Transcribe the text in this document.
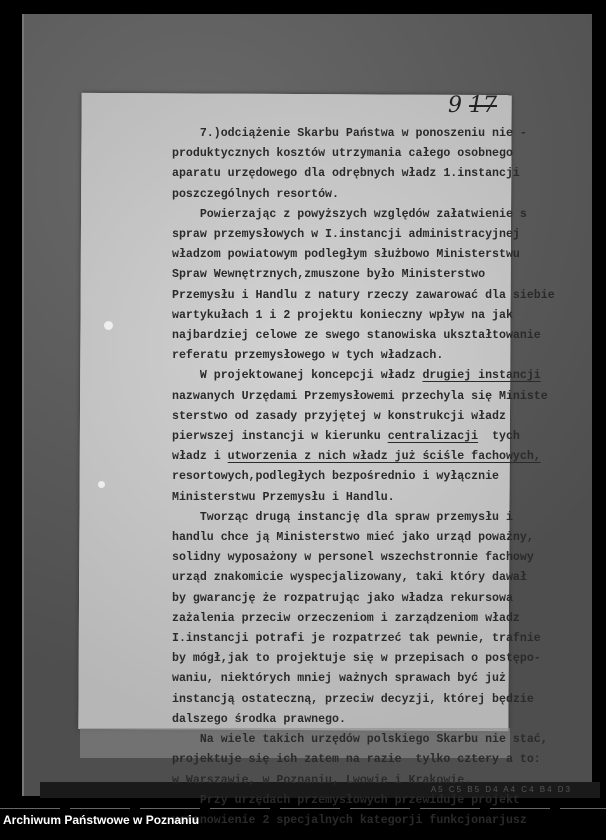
A5 C5 B5 D4 A4 C4 B4 D3
9 17
7.)odciążenie Skarbu Państwa w ponoszeniu nie -
produktycznych kosztów utrzymania całego osobnego
aparatu urzędowego dla odrębnych władz 1.instancji
poszczególnych resortów.
Powierzając z powyższych względów załatwienie s
spraw przemysłowych w I.instancji administracyjnej
władzom powiatowym podległym służbowo Ministerstwu
Spraw Wewnętrznych,zmuszone było Ministerstwo
Przemysłu i Handlu z natury rzeczy zawarować dla siebie
wartykułach 1 i 2 projektu konieczny wpływ na jak
najbardziej celowe ze swego stanowiska ukształtowanie
referatu przemysłowego w tych władzach.
W projektowanej koncepcji władz drugiej instancji
nazwanych Urzędami Przemysłowemi przechyla się Ministe
sterstwo od zasady przyjętej w konstrukcji władz
pierwszej instancji w kierunku centralizacji  tych
władz i utworzenia z nich władz już ściśle fachowych,
resortowych,podległych bezpośrednio i wyłącznie
Ministerstwu Przemysłu i Handlu.
Tworząc drugą instancję dla spraw przemysłu i
handlu chce ją Ministerstwo mieć jako urząd poważny,
solidny wyposażony w personel wszechstronnie fachowy
urząd znakomicie wyspecjalizowany, taki który dawał
by gwarancję że rozpatrując jako władza rekursowa
zażalenia przeciw orzeczeniom i zarządzeniom władz
I.instancji potrafi je rozpatrzeć tak pewnie, trafnie
by mógł,jak to projektuje się w przepisach o postępo-
waniu, niektórych mniej ważnych sprawach być już
instancją ostateczną, przeciw decyzji, której będzie
dalszego środka prawnego.
Na wiele takich urzędów polskiego Skarbu nie stać,
projektuje się ich zatem na razie  tylko cztery a to:
w Warszawie, w Poznaniu, Lwowie i Krakowie.
Przy urzędach przemysłowych przewiduje projekt
ustanowienie 2 specjalnych kategorji funkcjonarjusz
Archiwum Państwowe w Poznaniu
